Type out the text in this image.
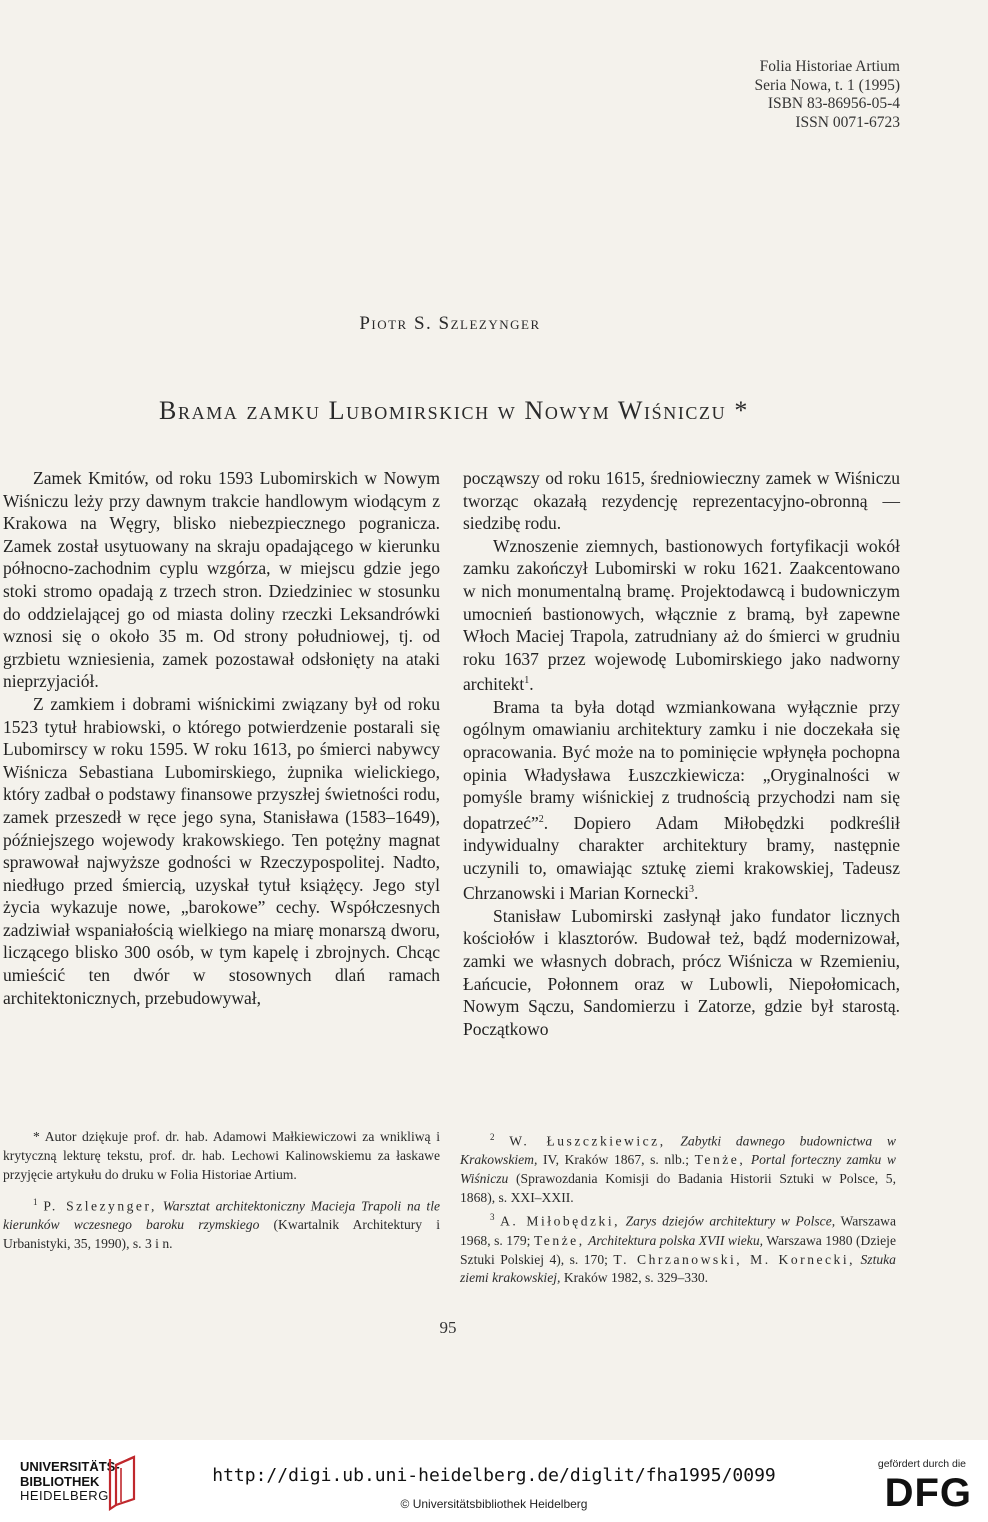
Folia Historiae Artium
Seria Nowa, t. 1 (1995)
ISBN 83-86956-05-4
ISSN 0071-6723
Piotr S. Szlezynger
Brama zamku Lubomirskich w Nowym Wiśniczu *

Zamek Kmitów, od roku 1593 Lubomirskich w Nowym Wiśniczu leży przy dawnym trakcie handlowym wiodącym z Krakowa na Węgry, blisko niebezpiecznego pogranicza. Zamek został usytuowany na skraju opadającego w kierunku północno-zachodnim cyplu wzgórza, w miejscu gdzie jego stoki stromo opadają z trzech stron. Dziedziniec w stosunku do oddzielającej go od miasta doliny rzeczki Leksandrówki wznosi się o około 35 m. Od strony południowej, tj. od grzbietu wzniesienia, zamek pozostawał odsłonięty na ataki nieprzyjaciół.

Z zamkiem i dobrami wiśnickimi związany był od roku 1523 tytuł hrabiowski, o którego potwierdzenie postarali się Lubomirscy w roku 1595. W roku 1613, po śmierci nabywcy Wiśnicza Sebastiana Lubomirskiego, żupnika wielickiego, który zadbał o podstawy finansowe przyszłej świetności rodu, zamek przeszedł w ręce jego syna, Stanisława (1583–1649), późniejszego wojewody krakowskiego. Ten potężny magnat sprawował najwyższe godności w Rzeczypospolitej. Nadto, niedługo przed śmiercią, uzyskał tytuł książęcy. Jego styl życia wykazuje nowe, „barokowe” cechy. Współczesnych zadziwiał wspaniałością wielkiego na miarę monarszą dworu, liczącego blisko 300 osób, w tym kapelę i zbrojnych. Chcąc umieścić ten dwór w stosownych dlań ramach architektonicznych, przebudowywał,

począwszy od roku 1615, średniowieczny zamek w Wiśniczu tworząc okazałą rezydencję reprezentacyjno-obronną — siedzibę rodu.

Wznoszenie ziemnych, bastionowych fortyfikacji wokół zamku zakończył Lubomirski w roku 1621. Zaakcentowano w nich monumentalną bramę. Projektodawcą i budowniczym umocnień bastionowych, włącznie z bramą, był zapewne Włoch Maciej Trapola, zatrudniany aż do śmierci w grudniu roku 1637 przez wojewodę Lubomirskiego jako nadworny architekt$^1$.

Brama ta była dotąd wzmiankowana wyłącznie przy ogólnym omawianiu architektury zamku i nie doczekała się opracowania. Być może na to pominięcie wpłynęła pochopna opinia Władysława Łuszczkiewicza: „Oryginalności w pomyśle bramy wiśnickiej z trudnością przychodzi nam się dopatrzeć”$^2$. Dopiero Adam Miłobędzki podkreślił indywidualny charakter architektury bramy, następnie uczynili to, omawiając sztukę ziemi krakowskiej, Tadeusz Chrzanowski i Marian Kornecki$^3$.

Stanisław Lubomirski zasłynął jako fundator licznych kościołów i klasztorów. Budował też, bądź modernizował, zamki we własnych dobrach, prócz Wiśnicza w Rzemieniu, Łańcucie, Połonnem oraz w Lubowli, Niepołomicach, Nowym Sączu, Sandomierzu i Zatorze, gdzie był starostą. Początkowo

* Autor dziękuje prof. dr. hab. Adamowi Małkiewiczowi za wnikliwą i krytyczną lekturę tekstu, prof. dr. hab. Lechowi Kalinowskiemu za łaskawe przyjęcie artykułu do druku w Folia Historiae Artium.

$^1$ P. Szlezynger, Warsztat architektoniczny Macieja Trapoli na tle kierunków wczesnego baroku rzymskiego (Kwartalnik Architektury i Urbanistyki, 35, 1990), s. 3 i n.

$^2$ W. Łuszczkiewicz, Zabytki dawnego budownictwa w Krakowskiem, IV, Kraków 1867, s. nlb.; Tenże, Portal forteczny zamku w Wiśniczu (Sprawozdania Komisji do Badania Historii Sztuki w Polsce, 5, 1868), s. XXI–XXII.

$^3$ A. Miłobędzki, Zarys dziejów architektury w Polsce, Warszawa 1968, s. 179; Tenże, Architektura polska XVII wieku, Warszawa 1980 (Dzieje Sztuki Polskiej 4), s. 170; T. Chrzanowski, M. Kornecki, Sztuka ziemi krakowskiej, Kraków 1982, s. 329–330.

95
UNIVERSITÄTS-
BIBLIOTHEK
HEIDELBERG
http://digi.ub.uni-heidelberg.de/diglit/fha1995/0099
© Universitätsbibliothek Heidelberg
gefördert durch die
DFG
